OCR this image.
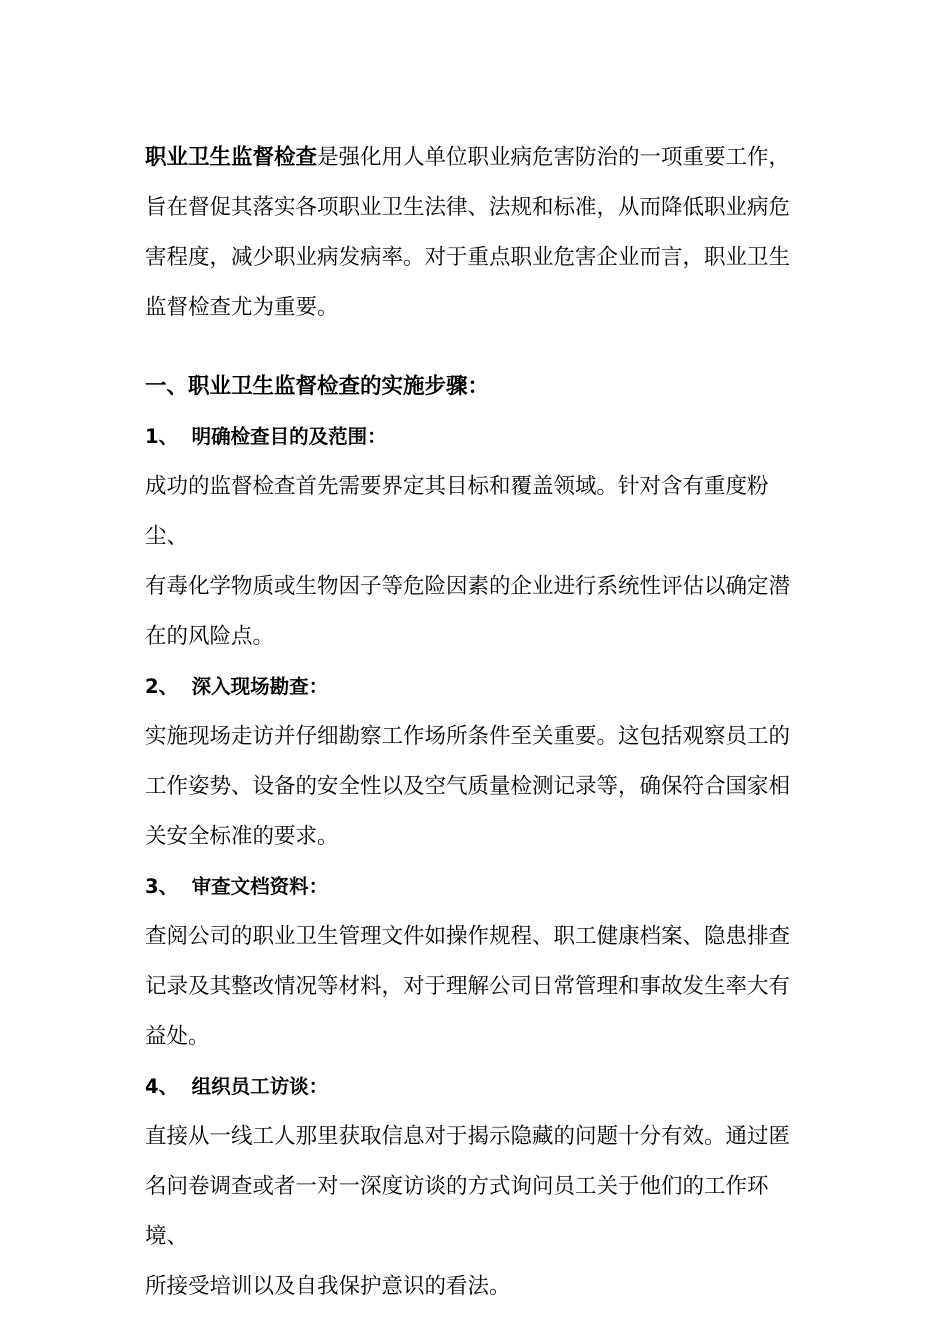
职业卫生监督检查是强化用人单位职业病危害防治的一项重要工作，
旨在督促其落实各项职业卫生法律、法规和标准，从而降低职业病危
害程度，减少职业病发病率。对于重点职业危害企业而言，职业卫生
监督检查尤为重要。

一、职业卫生监督检查的实施步骤：

1、 明确检查目的及范围：

成功的监督检查首先需要界定其目标和覆盖领域。针对含有重度粉尘、
有毒化学物质或生物因子等危险因素的企业进行系统性评估以确定潜
在的风险点。

2、 深入现场勘查：

实施现场走访并仔细勘察工作场所条件至关重要。这包括观察员工的
工作姿势、设备的安全性以及空气质量检测记录等，确保符合国家相
关安全标准的要求。

3、 审查文档资料：

查阅公司的职业卫生管理文件如操作规程、职工健康档案、隐患排查
记录及其整改情况等材料，对于理解公司日常管理和事故发生率大有
益处。

4、 组织员工访谈：

直接从一线工人那里获取信息对于揭示隐藏的问题十分有效。通过匿
名问卷调查或者一对一深度访谈的方式询问员工关于他们的工作环境、
所接受培训以及自我保护意识的看法。
